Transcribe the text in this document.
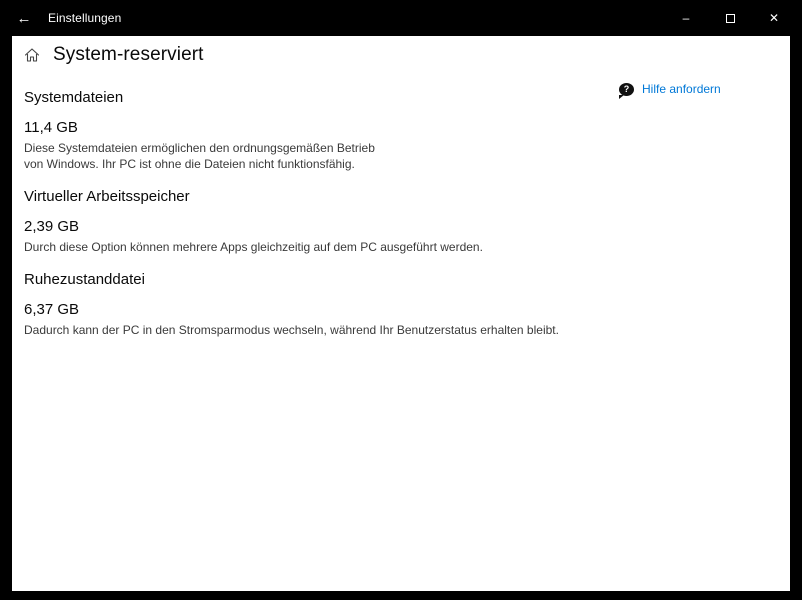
← Einstellungen	–	✕
System-reserviert
? Hilfe anfordern
Systemdateien
11,4 GB
Diese Systemdateien ermöglichen den ordnungsgemäßen Betrieb von Windows. Ihr PC ist ohne die Dateien nicht funktionsfähig.
Virtueller Arbeitsspeicher
2,39 GB
Durch diese Option können mehrere Apps gleichzeitig auf dem PC ausgeführt werden.
Ruhezustanddatei
6,37 GB
Dadurch kann der PC in den Stromsparmodus wechseln, während Ihr Benutzerstatus erhalten bleibt.
